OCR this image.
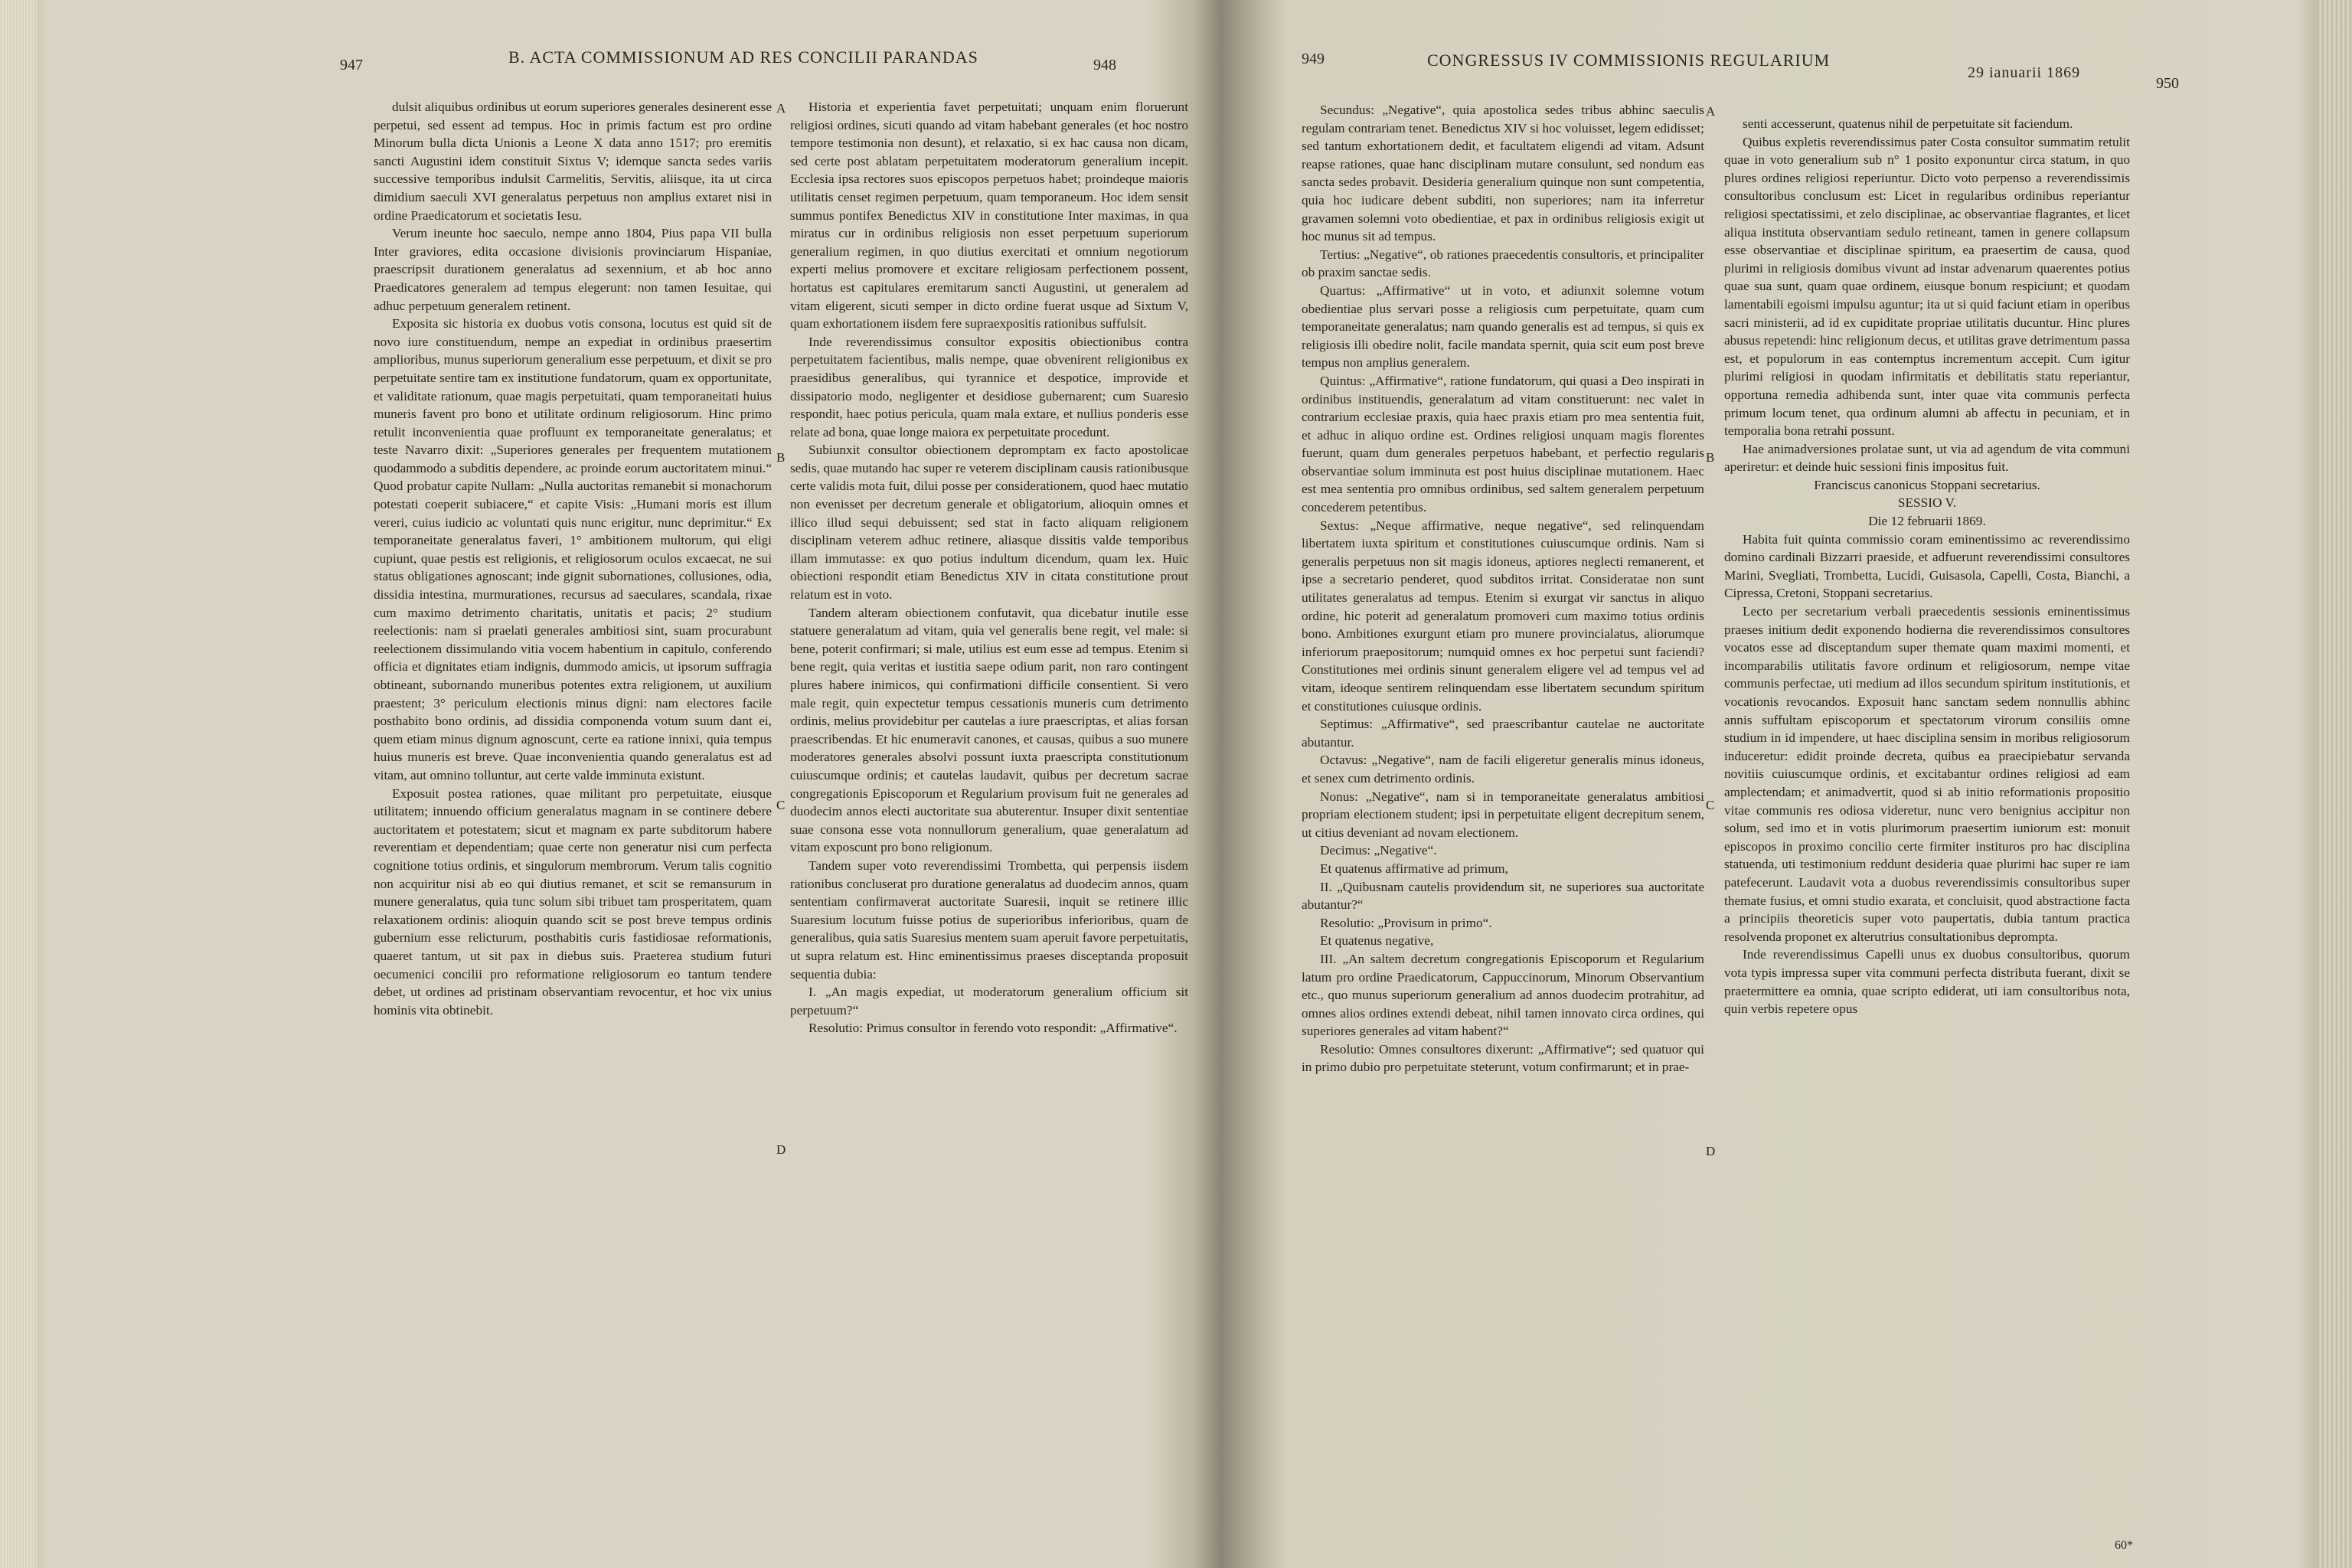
947	B. ACTA COMMISSIONUM AD RES CONCILII PARANDAS	948

dulsit aliquibus ordinibus ut eorum superiores generales desinerent esse perpetui, sed essent ad tempus. Hoc in primis factum est pro ordine Minorum bulla dicta Unionis a Leone X data anno 1517; pro eremitis sancti Augustini idem constituit Sixtus V; idemque sancta sedes variis successive temporibus indulsit Carmelitis, Servitis, aliisque, ita ut circa dimidium saeculi XVI generalatus perpetuus non amplius extaret nisi in ordine Praedicatorum et societatis Iesu.

Verum ineunte hoc saeculo, nempe anno 1804, Pius papa VII bulla Inter graviores, edita occasione divisionis provinciarum Hispaniae, praescripsit durationem generalatus ad sexennium, et ab hoc anno Praedicatores generalem ad tempus elegerunt: non tamen Iesuitae, qui adhuc perpetuum generalem retinent.

Exposita sic historia ex duobus votis consona, locutus est quid sit de novo iure constituendum, nempe an expediat in ordinibus praesertim amplioribus, munus superiorum generalium esse perpetuum, et dixit se pro perpetuitate sentire tam ex institutione fundatorum, quam ex opportunitate, et validitate rationum, quae magis perpetuitati, quam temporaneitati huius muneris favent pro bono et utilitate ordinum religiosorum. Hinc primo retulit inconvenientia quae profluunt ex temporaneitate generalatus; et teste Navarro dixit: „Superiores generales per frequentem mutationem quodammodo a subditis dependere, ac proinde eorum auctoritatem minui.“ Quod probatur capite Nullam: „Nulla auctoritas remanebit si monachorum potestati coeperit subiacere,“ et capite Visis: „Humani moris est illum vereri, cuius iudicio ac voluntati quis nunc erigitur, nunc deprimitur.“ Ex temporaneitate generalatus faveri, 1° ambitionem multorum, qui eligi cupiunt, quae pestis est religionis, et religiosorum oculos excaecat, ne sui status obligationes agnoscant; inde gignit subornationes, collusiones, odia, dissidia intestina, murmurationes, recursus ad saeculares, scandala, rixae cum maximo detrimento charitatis, unitatis et pacis; 2° studium reelectionis: nam si praelati generales ambitiosi sint, suam procurabunt reelectionem dissimulando vitia vocem habentium in capitulo, conferendo officia et dignitates etiam indignis, dummodo amicis, ut ipsorum suffragia obtineant, subornando muneribus potentes extra religionem, ut auxilium praestent; 3° periculum electionis minus digni: nam electores facile posthabito bono ordinis, ad dissidia componenda votum suum dant ei, quem etiam minus dignum agnoscunt, certe ea ratione innixi, quia tempus huius muneris est breve. Quae inconvenientia quando generalatus est ad vitam, aut omnino tolluntur, aut certe valde imminuta existunt.

Exposuit postea rationes, quae militant pro perpetuitate, eiusque utilitatem; innuendo officium generalatus magnam in se continere debere auctoritatem et potestatem; sicut et magnam ex parte subditorum habere reverentiam et dependentiam; quae certe non generatur nisi cum perfecta cognitione totius ordinis, et singulorum membrorum. Verum talis cognitio non acquiritur nisi ab eo qui diutius remanet, et scit se remansurum in munere generalatus, quia tunc solum sibi tribuet tam prosperitatem, quam relaxationem ordinis: alioquin quando scit se post breve tempus ordinis gubernium esse relicturum, posthabitis curis fastidiosae reformationis, quaeret tantum, ut sit pax in diebus suis. Praeterea studium futuri oecumenici concilii pro reformatione religiosorum eo tantum tendere debet, ut ordines ad pristinam observantiam revocentur, et hoc vix unius hominis vita obtinebit.

Historia et experientia favet perpetuitati; unquam enim floruerunt religiosi ordines, sicuti quando ad vitam habebant generales (et hoc nostro tempore testimonia non desunt), et relaxatio, si ex hac causa non dicam, sed certe post ablatam perpetuitatem moderatorum generalium incepit. Ecclesia ipsa rectores suos episcopos perpetuos habet; proindeque maioris utilitatis censet regimen perpetuum, quam temporaneum. Hoc idem sensit summus pontifex Benedictus XIV in constitutione Inter maximas, in qua miratus cur in ordinibus religiosis non esset perpetuum superiorum generalium regimen, in quo diutius exercitati et omnium negotiorum experti melius promovere et excitare religiosam perfectionem possent, hortatus est capitulares eremitarum sancti Augustini, ut generalem ad vitam eligerent, sicuti semper in dicto ordine fuerat usque ad Sixtum V, quam exhortationem iisdem fere supraexpositis rationibus suffulsit.

Inde reverendissimus consultor expositis obiectionibus contra perpetuitatem facientibus, malis nempe, quae obvenirent religionibus ex praesidibus generalibus, qui tyrannice et despotice, improvide et dissipatorio modo, negligenter et desidiose gubernarent; cum Suaresio respondit, haec potius pericula, quam mala extare, et nullius ponderis esse relate ad bona, quae longe maiora ex perpetuitate procedunt.

Subiunxit consultor obiectionem depromptam ex facto apostolicae sedis, quae mutando hac super re veterem disciplinam causis rationibusque certe validis mota fuit, dilui posse per considerationem, quod haec mutatio non evenisset per decretum generale et obligatorium, alioquin omnes et illico illud sequi debuissent; sed stat in facto aliquam religionem disciplinam veterem adhuc retinere, aliasque dissitis valde temporibus illam immutasse: ex quo potius indultum dicendum, quam lex. Huic obiectioni respondit etiam Benedictus XIV in citata constitutione prout relatum est in voto.

Tandem alteram obiectionem confutavit, qua dicebatur inutile esse statuere generalatum ad vitam, quia vel generalis bene regit, vel male: si bene, poterit confirmari; si male, utilius est eum esse ad tempus. Etenim si bene regit, quia veritas et iustitia saepe odium parit, non raro contingent plures habere inimicos, qui confirmationi difficile consentient. Si vero male regit, quin expectetur tempus cessationis muneris cum detrimento ordinis, melius providebitur per cautelas a iure praescriptas, et alias forsan praescribendas. Et hic enumeravit canones, et causas, quibus a suo munere moderatores generales absolvi possunt iuxta praescripta constitutionum cuiuscumque ordinis; et cautelas laudavit, quibus per decretum sacrae congregationis Episcoporum et Regularium provisum fuit ne generales ad duodecim annos electi auctoritate sua abuterentur. Insuper dixit sententiae suae consona esse vota nonnullorum generalium, quae generalatum ad vitam exposcunt pro bono religionum.

Tandem super voto reverendissimi Trombetta, qui perpensis iisdem rationibus concluserat pro duratione generalatus ad duodecim annos, quam sententiam confirmaverat auctoritate Suaresii, inquit se retinere illic Suaresium locutum fuisse potius de superioribus inferioribus, quam de generalibus, quia satis Suaresius mentem suam aperuit favore perpetuitatis, ut supra relatum est. Hinc eminentissimus praeses disceptanda proposuit sequentia dubia:

I. „An magis expediat, ut moderatorum generalium officium sit perpetuum?“

Resolutio: Primus consultor in ferendo voto respondit: „Affirmative“.

A
B
C
D
949	CONGRESSUS IV COMMISSIONIS REGULARIUM
29 ianuarii 1869
950

Secundus: „Negative“, quia apostolica sedes tribus abhinc saeculis regulam contrariam tenet. Benedictus XIV si hoc voluisset, legem edidisset; sed tantum exhortationem dedit, et facultatem eligendi ad vitam. Adsunt reapse rationes, quae hanc disciplinam mutare consulunt, sed nondum eas sancta sedes probavit. Desideria generalium quinque non sunt competentia, quia hoc iudicare debent subditi, non superiores; nam ita inferretur gravamen solemni voto obedientiae, et pax in ordinibus religiosis exigit ut hoc munus sit ad tempus.

Tertius: „Negative“, ob rationes praecedentis consultoris, et principaliter ob praxim sanctae sedis.

Quartus: „Affirmative“ ut in voto, et adiunxit solemne votum obedientiae plus servari posse a religiosis cum perpetuitate, quam cum temporaneitate generalatus; nam quando generalis est ad tempus, si quis ex religiosis illi obedire nolit, facile mandata spernit, quia scit eum post breve tempus non amplius generalem.

Quintus: „Affirmative“, ratione fundatorum, qui quasi a Deo inspirati in ordinibus instituendis, generalatum ad vitam constituerunt: nec valet in contrarium ecclesiae praxis, quia haec praxis etiam pro mea sententia fuit, et adhuc in aliquo ordine est. Ordines religiosi unquam magis florentes fuerunt, quam dum generales perpetuos habebant, et perfectio regularis observantiae solum imminuta est post huius disciplinae mutationem. Haec est mea sententia pro omnibus ordinibus, sed saltem generalem perpetuum concederem petentibus.

Sextus: „Neque affirmative, neque negative“, sed relinquendam libertatem iuxta spiritum et constitutiones cuiuscumque ordinis. Nam si generalis perpetuus non sit magis idoneus, aptiores neglecti remanerent, et ipse a secretario penderet, quod subditos irritat. Considerataе non sunt utilitates generalatus ad tempus. Etenim si exurgat vir sanctus in aliquo ordine, hic poterit ad generalatum promoveri cum maximo totius ordinis bono. Ambitiones exurgunt etiam pro munere provincialatus, aliorumque inferiorum praepositorum; numquid omnes ex hoc perpetui sunt faciendi? Constitutiones mei ordinis sinunt generalem eligere vel ad tempus vel ad vitam, ideoque sentirem relinquendam esse libertatem secundum spiritum et constitutiones cuiusque ordinis.

Septimus: „Affirmative“, sed praescribantur cautelae ne auctoritate abutantur.

Octavus: „Negative“, nam de facili eligeretur generalis minus idoneus, et senex cum detrimento ordinis.

Nonus: „Negative“, nam si in temporaneitate generalatus ambitiosi propriam electionem student; ipsi in perpetuitate eligent decrepitum senem, ut citius deveniant ad novam electionem.

Decimus: „Negative“.

Et quatenus affirmative ad primum,

II. „Quibusnam cautelis providendum sit, ne superiores sua auctoritate abutantur?“

Resolutio: „Provisum in primo“.

Et quatenus negative,

III. „An saltem decretum congregationis Episcoporum et Regularium latum pro ordine Praedicatorum, Cappuccinorum, Minorum Observantium etc., quo munus superiorum generalium ad annos duodecim protrahitur, ad omnes alios ordines extendi debeat, nihil tamen innovato circa ordines, qui superiores generales ad vitam habent?“

Resolutio: Omnes consultores dixerunt: „Affirmative“; sed quatuor qui in primo dubio pro perpetuitate steterunt, votum confirmarunt; et in prae-

senti accesserunt, quatenus nihil de perpetuitate sit faciendum.

Quibus expletis reverendissimus pater Costa consultor summatim retulit quae in voto generalium sub n° 1 posito exponuntur circa statum, in quo plures ordines religiosi reperiuntur. Dicto voto perpenso a reverendissimis consultoribus conclusum est: Licet in regularibus ordinibus reperiantur religiosi spectatissimi, et zelo disciplinae, ac observantiae flagrantes, et licet aliqua instituta observantiam sedulo retineant, tamen in genere collapsum esse observantiae et disciplinae spiritum, ea praesertim de causa, quod plurimi in religiosis domibus vivunt ad instar advenarum quaerentes potius quae sua sunt, quam quae ordinem, eiusque bonum respiciunt; et quodam lamentabili egoismi impulsu aguntur; ita ut si quid faciunt etiam in operibus sacri ministerii, ad id ex cupiditate propriae utilitatis ducuntur. Hinc plures abusus repetendi: hinc religionum decus, et utilitas grave detrimentum passa est, et populorum in eas contemptus incrementum accepit. Cum igitur plurimi religiosi in quodam infirmitatis et debilitatis statu reperiantur, opportuna remedia adhibenda sunt, inter quae vita communis perfecta primum locum tenet, qua ordinum alumni ab affectu in pecuniam, et in temporalia bona retrahi possunt.

Hae animadversiones prolatae sunt, ut via ad agendum de vita communi aperiretur: et deinde huic sessioni finis impositus fuit.

Franciscus canonicus Stoppani secretarius.

SESSIO V.

Die 12 februarii 1869.

Habita fuit quinta commissio coram eminentissimo ac reverendissimo domino cardinali Bizzarri praeside, et adfuerunt reverendissimi consultores Marini, Svegliati, Trombetta, Lucidi, Guisasola, Capelli, Costa, Bianchi, a Cipressa, Cretoni, Stoppani secretarius.

Lecto per secretarium verbali praecedentis sessionis eminentissimus praeses initium dedit exponendo hodierna die reverendissimos consultores vocatos esse ad disceptandum super themate quam maximi momenti, et incomparabilis utilitatis favore ordinum et religiosorum, nempe vitae communis perfectae, uti medium ad illos secundum spiritum institutionis, et vocationis revocandos. Exposuit hanc sanctam sedem nonnullis abhinc annis suffultam episcoporum et spectatorum virorum consiliis omne studium in id impendere, ut haec disciplina sensim in moribus religiosorum induceretur: edidit proinde decreta, quibus ea praecipiebatur servanda novitiis cuiuscumque ordinis, et excitabantur ordines religiosi ad eam amplectendam; et animadvertit, quod si ab initio reformationis propositio vitae communis res odiosa videretur, nunc vero benignius accipitur non solum, sed imo et in votis plurimorum praesertim iuniorum est: monuit episcopos in proximo concilio certe firmiter instituros pro hac disciplina statuenda, uti testimonium reddunt desideria quae plurimi hac super re iam patefecerunt. Laudavit vota a duobus reverendissimis consultoribus super themate fusius, et omni studio exarata, et concluisit, quod abstractione facta a principiis theoreticis super voto paupertatis, dubia tantum practica resolvenda proponet ex alterutrius consultationibus deprompta.

Inde reverendissimus Capelli unus ex duobus consultoribus, quorum vota typis impressa super vita communi perfecta distributa fuerant, dixit se praetermittere ea omnia, quae scripto ediderat, uti iam consultoribus nota, quin verbis repetere opus

A
B
C
D
60*
